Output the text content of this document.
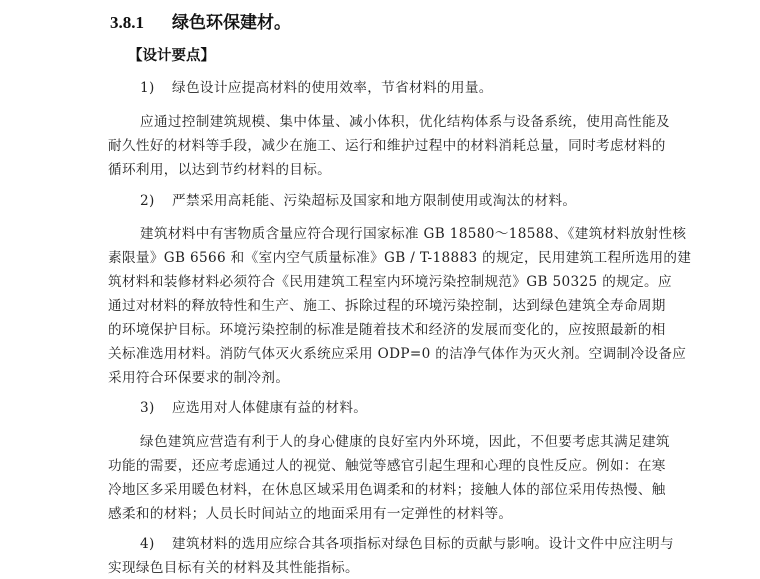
3.8.1 绿色环保建材。
【设计要点】
1) 绿色设计应提高材料的使用效率，节省材料的用量。
应通过控制建筑规模、集中体量、减小体积，优化结构体系与设备系统，使用高性能及
耐久性好的材料等手段，减少在施工、运行和维护过程中的材料消耗总量，同时考虑材料的
循环利用，以达到节约材料的目标。
2) 严禁采用高耗能、污染超标及国家和地方限制使用或淘汰的材料。
建筑材料中有害物质含量应符合现行国家标准 GB 18580～18588、《建筑材料放射性核
素限量》GB 6566 和《室内空气质量标准》GB / T-18883 的规定，民用建筑工程所选用的建
筑材料和装修材料必须符合《民用建筑工程室内环境污染控制规范》GB 50325 的规定。应
通过对材料的释放特性和生产、施工、拆除过程的环境污染控制，达到绿色建筑全寿命周期
的环境保护目标。环境污染控制的标准是随着技术和经济的发展而变化的，应按照最新的相
关标准选用材料。消防气体灭火系统应采用 ODP=0 的洁净气体作为灭火剂。空调制冷设备应
采用符合环保要求的制冷剂。
3) 应选用对人体健康有益的材料。
绿色建筑应营造有利于人的身心健康的良好室内外环境，因此，不但要考虑其满足建筑
功能的需要，还应考虑通过人的视觉、触觉等感官引起生理和心理的良性反应。例如：在寒
冷地区多采用暖色材料，在休息区域采用色调柔和的材料；接触人体的部位采用传热慢、触
感柔和的材料；人员长时间站立的地面采用有一定弹性的材料等。
4) 建筑材料的选用应综合其各项指标对绿色目标的贡献与影响。设计文件中应注明与
实现绿色目标有关的材料及其性能指标。
